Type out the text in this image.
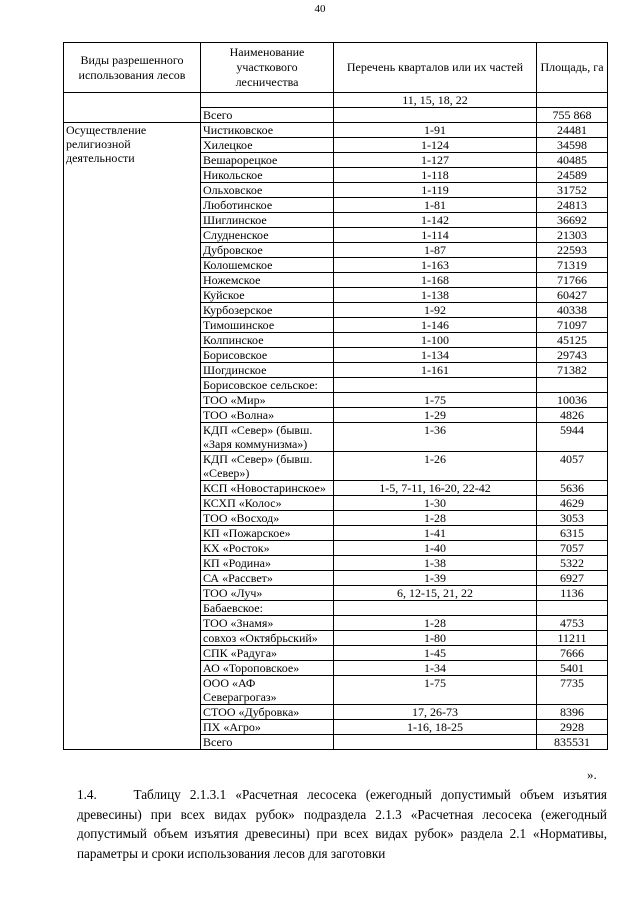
40
Виды разрешенного использования лесов	Наименование участкового лесничества	Перечень кварталов или их частей	Площадь, га
		11, 15, 18, 22	
	Всего		755 868
Осуществление религиозной деятельности	Чистиковское	1-91	24481
	Хилецкое	1-124	34598
	Вешарорецкое	1-127	40485
	Никольское	1-118	24589
	Ольховское	1-119	31752
	Люботинское	1-81	24813
	Шиглинское	1-142	36692
	Слудненское	1-114	21303
	Дубровское	1-87	22593
	Колошемское	1-163	71319
	Ножемское	1-168	71766
	Куйское	1-138	60427
	Курбозерское	1-92	40338
	Тимошинское	1-146	71097
	Колпинское	1-100	45125
	Борисовское	1-134	29743
	Шогдинское	1-161	71382
	Борисовское сельское:		
	ТОО «Мир»	1-75	10036
	ТОО «Волна»	1-29	4826
	КДП «Север» (бывш. «Заря коммунизма»)	1-36	5944
	КДП «Север» (бывш. «Север»)	1-26	4057
	КСП «Новостаринское»	1-5, 7-11, 16-20, 22-42	5636
	КСХП «Колос»	1-30	4629
	ТОО «Восход»	1-28	3053
	КП «Пожарское»	1-41	6315
	КХ «Росток»	1-40	7057
	КП «Родина»	1-38	5322
	СА «Рассвет»	1-39	6927
	ТОО «Луч»	6, 12-15, 21, 22	1136
	Бабаевское:		
	ТОО «Знамя»	1-28	4753
	совхоз «Октябрьский»	1-80	11211
	СПК «Радуга»	1-45	7666
	АО «Тороповское»	1-34	5401
	ООО «АФ Северагрогаз»	1-75	7735
	СТОО «Дубровка»	17, 26-73	8396
	ПХ «Агро»	1-16, 18-25	2928
	Всего		835531
».
1.4.    Таблицу 2.1.3.1 «Расчетная лесосека (ежегодный допустимый объем изъятия древесины) при всех видах рубок» подраздела 2.1.3 «Расчетная лесосека (ежегодный допустимый объем изъятия древесины) при всех видах рубок» раздела 2.1 «Нормативы, параметры и сроки использования лесов для заготовки
